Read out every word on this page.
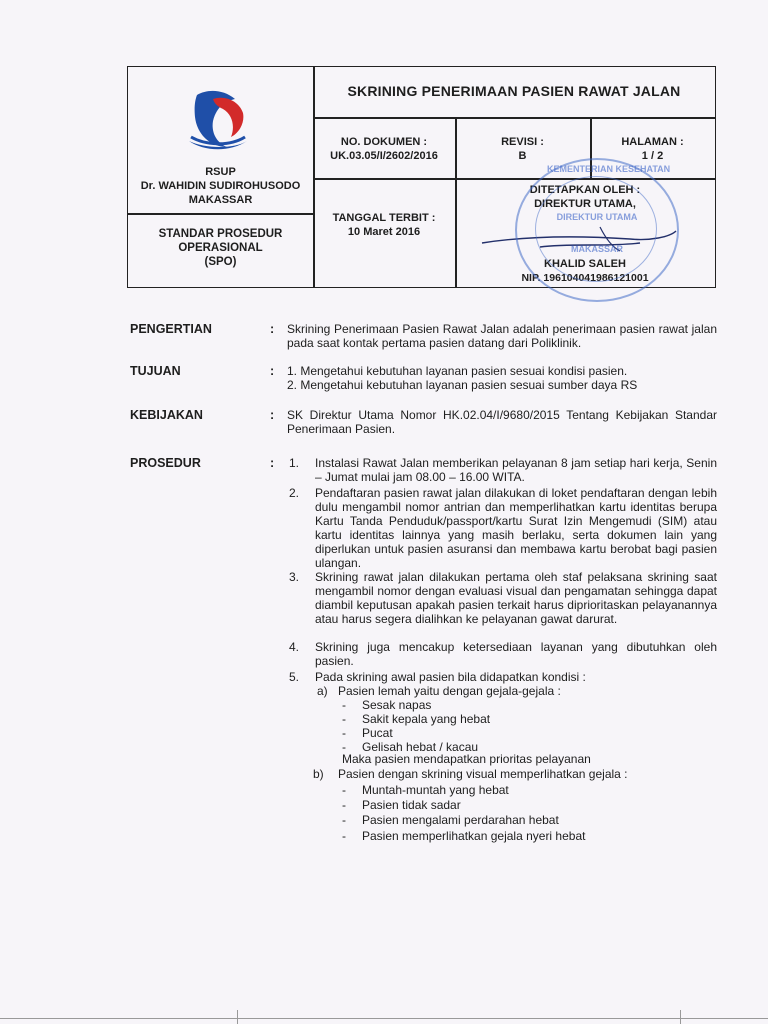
RSUP
Dr. WAHIDIN SUDIROHUSODO
MAKASSAR
STANDAR PROSEDUR
OPERASIONAL
(SPO)
SKRINING PENERIMAAN PASIEN RAWAT JALAN
NO. DOKUMEN :
UK.03.05/I/2602/2016
REVISI :
B
HALAMAN :
1 / 2
TANGGAL TERBIT :
10 Maret 2016
DITETAPKAN OLEH :
DIREKTUR UTAMA,
KHALID SALEH
NIP. 196104041986121001
KEMENTERIAN KESEHATAN
DIREKTUR UTAMA
MAKASSAR
PENGERTIAN	: Skrining Penerimaan Pasien Rawat Jalan adalah penerimaan pasien rawat jalan pada saat kontak pertama pasien datang dari Poliklinik.
TUJUAN	: 1. Mengetahui kebutuhan layanan pasien sesuai kondisi pasien.
2. Mengetahui kebutuhan layanan pasien sesuai sumber daya RS
KEBIJAKAN	: SK Direktur Utama Nomor HK.02.04/I/9680/2015 Tentang Kebijakan Standar Penerimaan Pasien.
PROSEDUR	: 1. Instalasi Rawat Jalan memberikan pelayanan 8 jam setiap hari kerja, Senin – Jumat mulai jam 08.00 – 16.00 WITA.
2. Pendaftaran pasien rawat jalan dilakukan di loket pendaftaran dengan lebih dulu mengambil nomor antrian dan memperlihatkan kartu identitas berupa Kartu Tanda Penduduk/passport/kartu Surat Izin Mengemudi (SIM) atau kartu identitas lainnya yang masih berlaku, serta dokumen lain yang diperlukan untuk pasien asuransi dan membawa kartu berobat bagi pasien ulangan.
3. Skrining rawat jalan dilakukan pertama oleh staf pelaksana skrining saat mengambil nomor dengan evaluasi visual dan pengamatan sehingga dapat diambil keputusan apakah pasien terkait harus diprioritaskan pelayanannya atau harus segera dialihkan ke pelayanan gawat darurat.
4. Skrining juga mencakup ketersediaan layanan yang dibutuhkan oleh pasien.
5. Pada skrining awal pasien bila didapatkan kondisi :
a) Pasien lemah yaitu dengan gejala-gejala :
- Sesak napas
- Sakit kepala yang hebat
- Pucat
- Gelisah hebat / kacau
Maka pasien mendapatkan prioritas pelayanan
b) Pasien dengan skrining visual memperlihatkan gejala :
- Muntah-muntah yang hebat
- Pasien tidak sadar
- Pasien mengalami perdarahan hebat
- Pasien memperlihatkan gejala nyeri hebat
